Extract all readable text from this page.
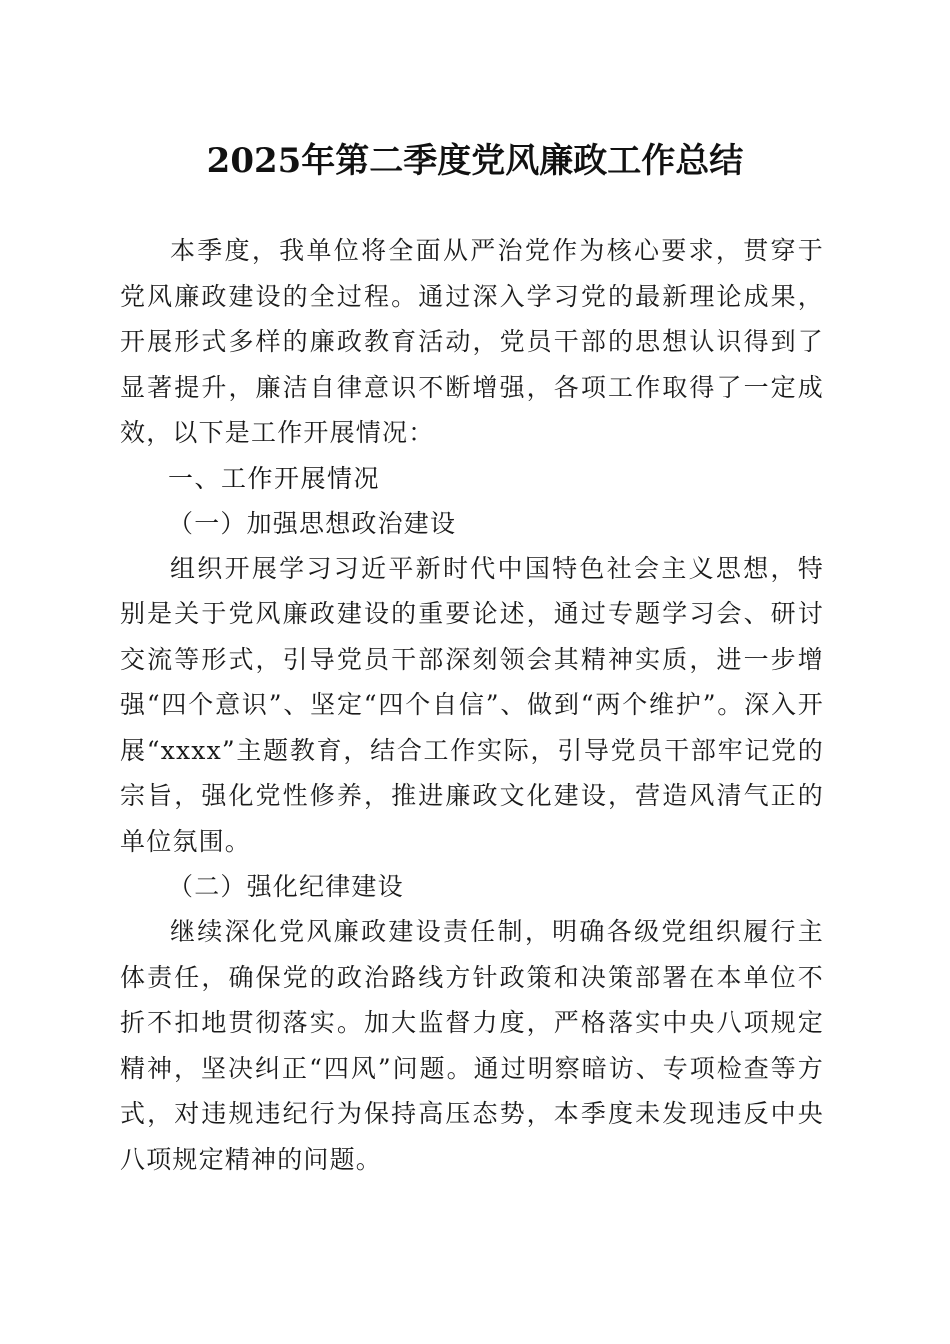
2025年第二季度党风廉政工作总结

本季度，我单位将全面从严治党作为核心要求，贯穿于党风廉政建设的全过程。通过深入学习党的最新理论成果，开展形式多样的廉政教育活动，党员干部的思想认识得到了显著提升，廉洁自律意识不断增强，各项工作取得了一定成效，以下是工作开展情况：

一、工作开展情况
（一）加强思想政治建设

组织开展学习习近平新时代中国特色社会主义思想，特别是关于党风廉政建设的重要论述，通过专题学习会、研讨交流等形式，引导党员干部深刻领会其精神实质，进一步增强“四个意识”、坚定“四个自信”、做到“两个维护”。深入开展“xxxx”主题教育，结合工作实际，引导党员干部牢记党的宗旨，强化党性修养，推进廉政文化建设，营造风清气正的单位氛围。

（二）强化纪律建设

继续深化党风廉政建设责任制，明确各级党组织履行主体责任，确保党的政治路线方针政策和决策部署在本单位不折不扣地贯彻落实。加大监督力度，严格落实中央八项规定精神，坚决纠正“四风”问题。通过明察暗访、专项检查等方式，对违规违纪行为保持高压态势，本季度未发现违反中央八项规定精神的问题。
